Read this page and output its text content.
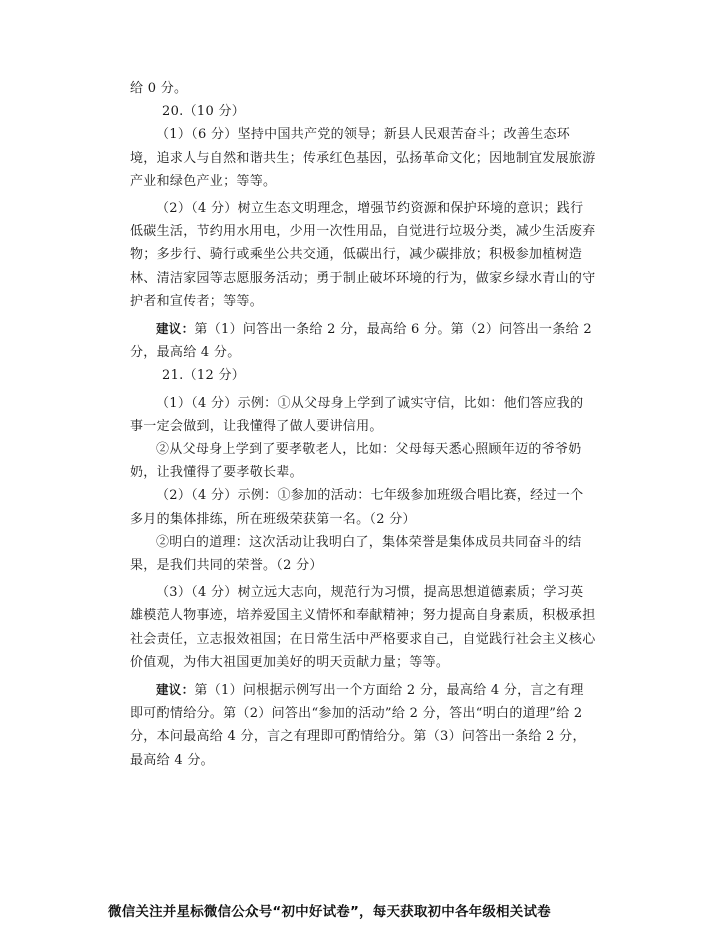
给 0 分。

20.（10 分）

（1）（6 分）坚持中国共产党的领导；新县人民艰苦奋斗；改善生态环境，追求人与自然和谐共生；传承红色基因，弘扬革命文化；因地制宜发展旅游产业和绿色产业；等等。

（2）（4 分）树立生态文明理念，增强节约资源和保护环境的意识；践行低碳生活，节约用水用电，少用一次性用品，自觉进行垃圾分类，减少生活废弃物；多步行、骑行或乘坐公共交通，低碳出行，减少碳排放；积极参加植树造林、清洁家园等志愿服务活动；勇于制止破坏环境的行为，做家乡绿水青山的守护者和宣传者；等等。

建议：第（1）问答出一条给 2 分，最高给 6 分。第（2）问答出一条给 2 分，最高给 4 分。

21.（12 分）

（1）（4 分）示例：①从父母身上学到了诚实守信，比如：他们答应我的事一定会做到，让我懂得了做人要讲信用。

②从父母身上学到了要孝敬老人，比如：父母每天悉心照顾年迈的爷爷奶奶，让我懂得了要孝敬长辈。

（2）（4 分）示例：①参加的活动：七年级参加班级合唱比赛，经过一个多月的集体排练，所在班级荣获第一名。（2 分）

②明白的道理：这次活动让我明白了，集体荣誉是集体成员共同奋斗的结果，是我们共同的荣誉。（2 分）

（3）（4 分）树立远大志向，规范行为习惯，提高思想道德素质；学习英雄模范人物事迹，培养爱国主义情怀和奉献精神；努力提高自身素质，积极承担社会责任，立志报效祖国；在日常生活中严格要求自己，自觉践行社会主义核心价值观，为伟大祖国更加美好的明天贡献力量；等等。

建议：第（1）问根据示例写出一个方面给 2 分，最高给 4 分，言之有理即可酌情给分。第（2）问答出“参加的活动”给 2 分，答出“明白的道理”给 2 分，本问最高给 4 分，言之有理即可酌情给分。第（3）问答出一条给 2 分，最高给 4 分。

微信关注并星标微信公众号“初中好试卷”，每天获取初中各年级相关试卷
